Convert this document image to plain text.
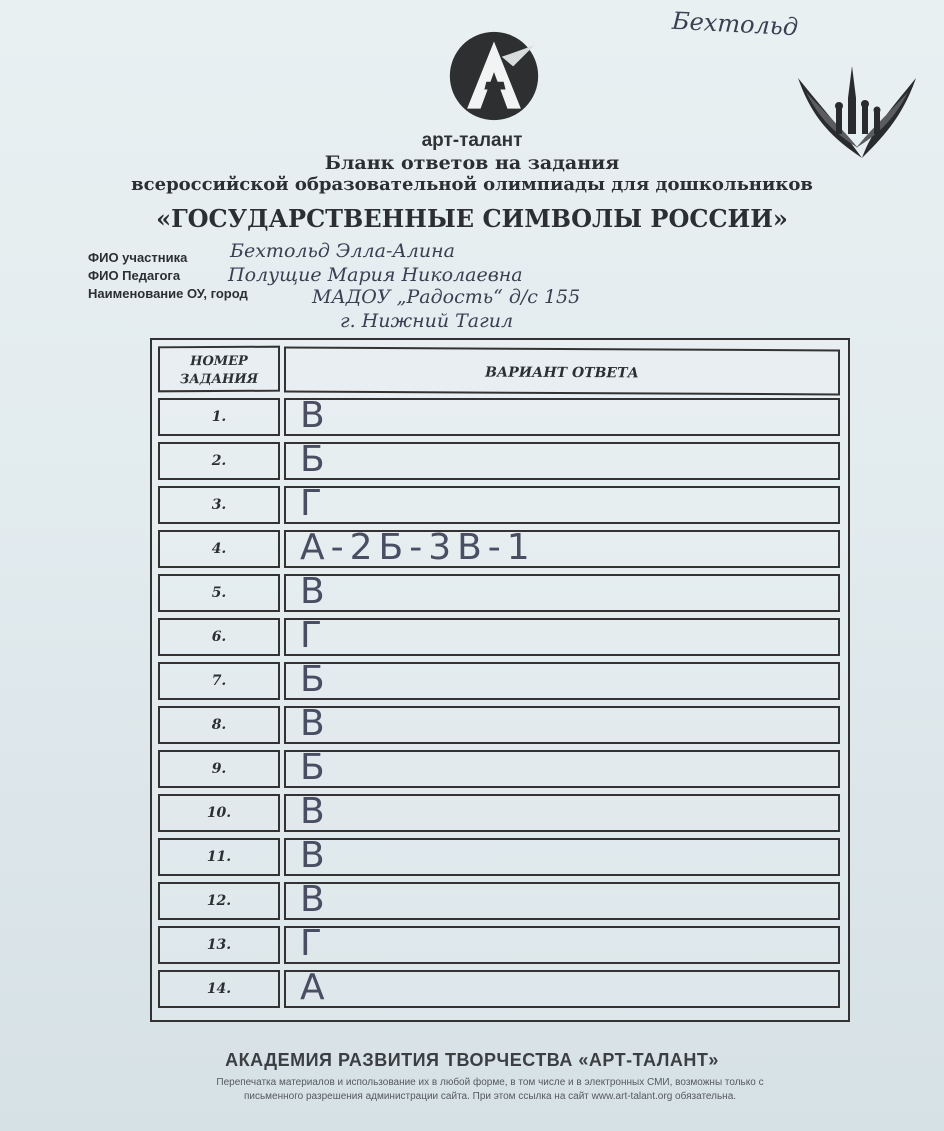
Бехтольд
арт-талант
Бланк ответов на задания
всероссийской образовательной олимпиады для дошкольников
«ГОСУДАРСТВЕННЫЕ СИМВОЛЫ РОССИИ»
ФИО участника Бехтольд Элла-Алина
ФИО Педагога	Полущие Мария Николаевна
Наименование ОУ, город	МАДОУ „Радость“ д/с 155
г. Нижний Тагил
НОМЕР
ЗАДАНИЯ	ВАРИАНТ ОТВЕТА
1.	В
2.	Б
3.	Г
4.	А-2Б-3В-1
5.	В
6.	Г
7.	Б
8.	В
9.	Б
10.	В
11.	В
12.	В
13.	Г
14.	А
АКАДЕМИЯ РАЗВИТИЯ ТВОРЧЕСТВА «АРТ-ТАЛАНТ»
Перепечатка материалов и использование их в любой форме, в том числе и в электронных СМИ, возможны только с
письменного разрешения администрации сайта. При этом ссылка на сайт www.art-talant.org обязательна.
